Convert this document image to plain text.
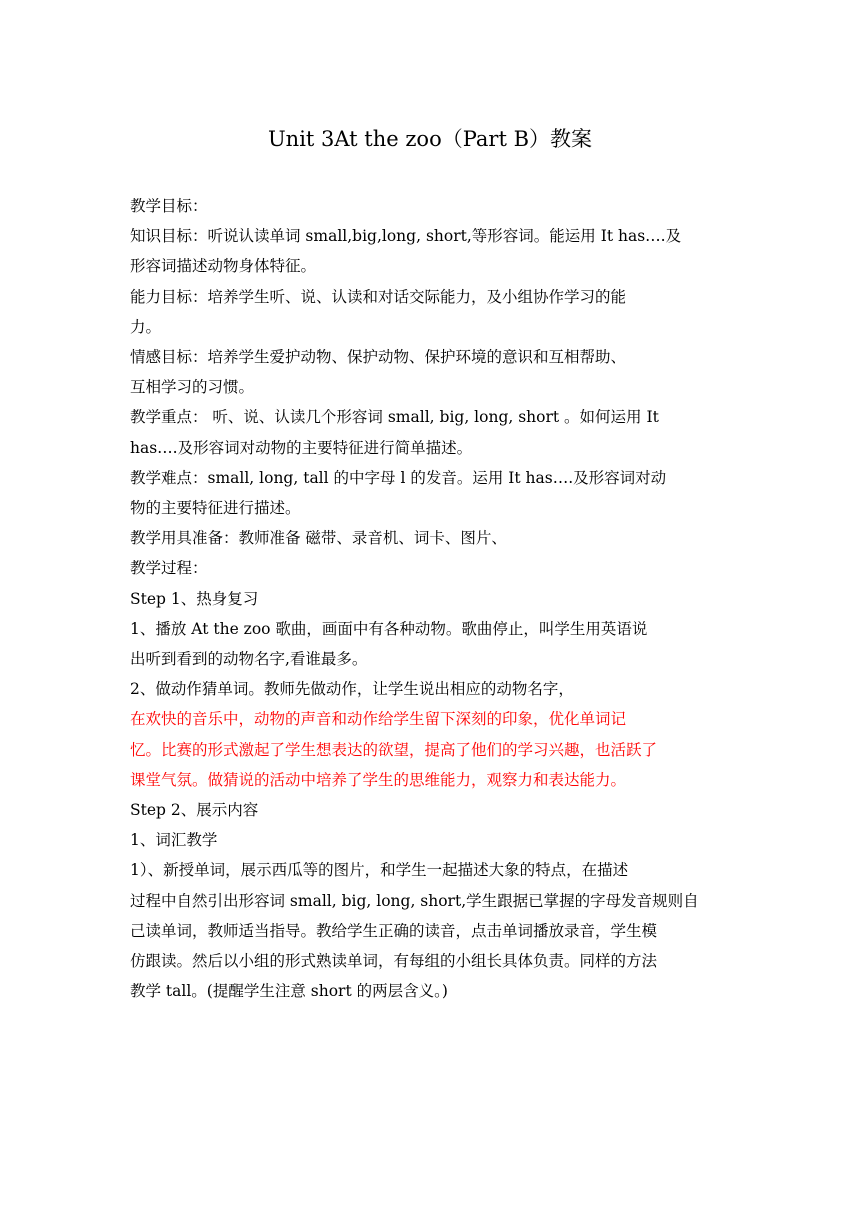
Unit 3At the zoo（Part B）教案
教学目标：
知识目标：听说认读单词 small,big,long, short,等形容词。能运用 It has….及
形容词描述动物身体特征。
能力目标：培养学生听、说、认读和对话交际能力，及小组协作学习的能
力。
情感目标：培养学生爱护动物、保护动物、保护环境的意识和互相帮助、
互相学习的习惯。
教学重点： 听、说、认读几个形容词 small, big, long, short 。如何运用 It
has….及形容词对动物的主要特征进行简单描述。
教学难点：small, long, tall 的中字母 l 的发音。运用 It has….及形容词对动
物的主要特征进行描述。
教学用具准备：教师准备 磁带、录音机、词卡、图片、
教学过程：
Step 1、热身复习
1、播放 At the zoo 歌曲，画面中有各种动物。歌曲停止，叫学生用英语说
出听到看到的动物名字,看谁最多。
2、做动作猜单词。教师先做动作，让学生说出相应的动物名字，
在欢快的音乐中，动物的声音和动作给学生留下深刻的印象，优化单词记
忆。比赛的形式激起了学生想表达的欲望，提高了他们的学习兴趣，也活跃了
课堂气氛。做猜说的活动中培养了学生的思维能力，观察力和表达能力。
Step 2、展示内容
1、词汇教学
1）、新授单词，展示西瓜等的图片，和学生一起描述大象的特点，在描述
过程中自然引出形容词 small, big, long, short,学生跟据已掌握的字母发音规则自
己读单词，教师适当指导。教给学生正确的读音，点击单词播放录音，学生模
仿跟读。然后以小组的形式熟读单词，有每组的小组长具体负责。同样的方法
教学 tall。(提醒学生注意 short 的两层含义。)
